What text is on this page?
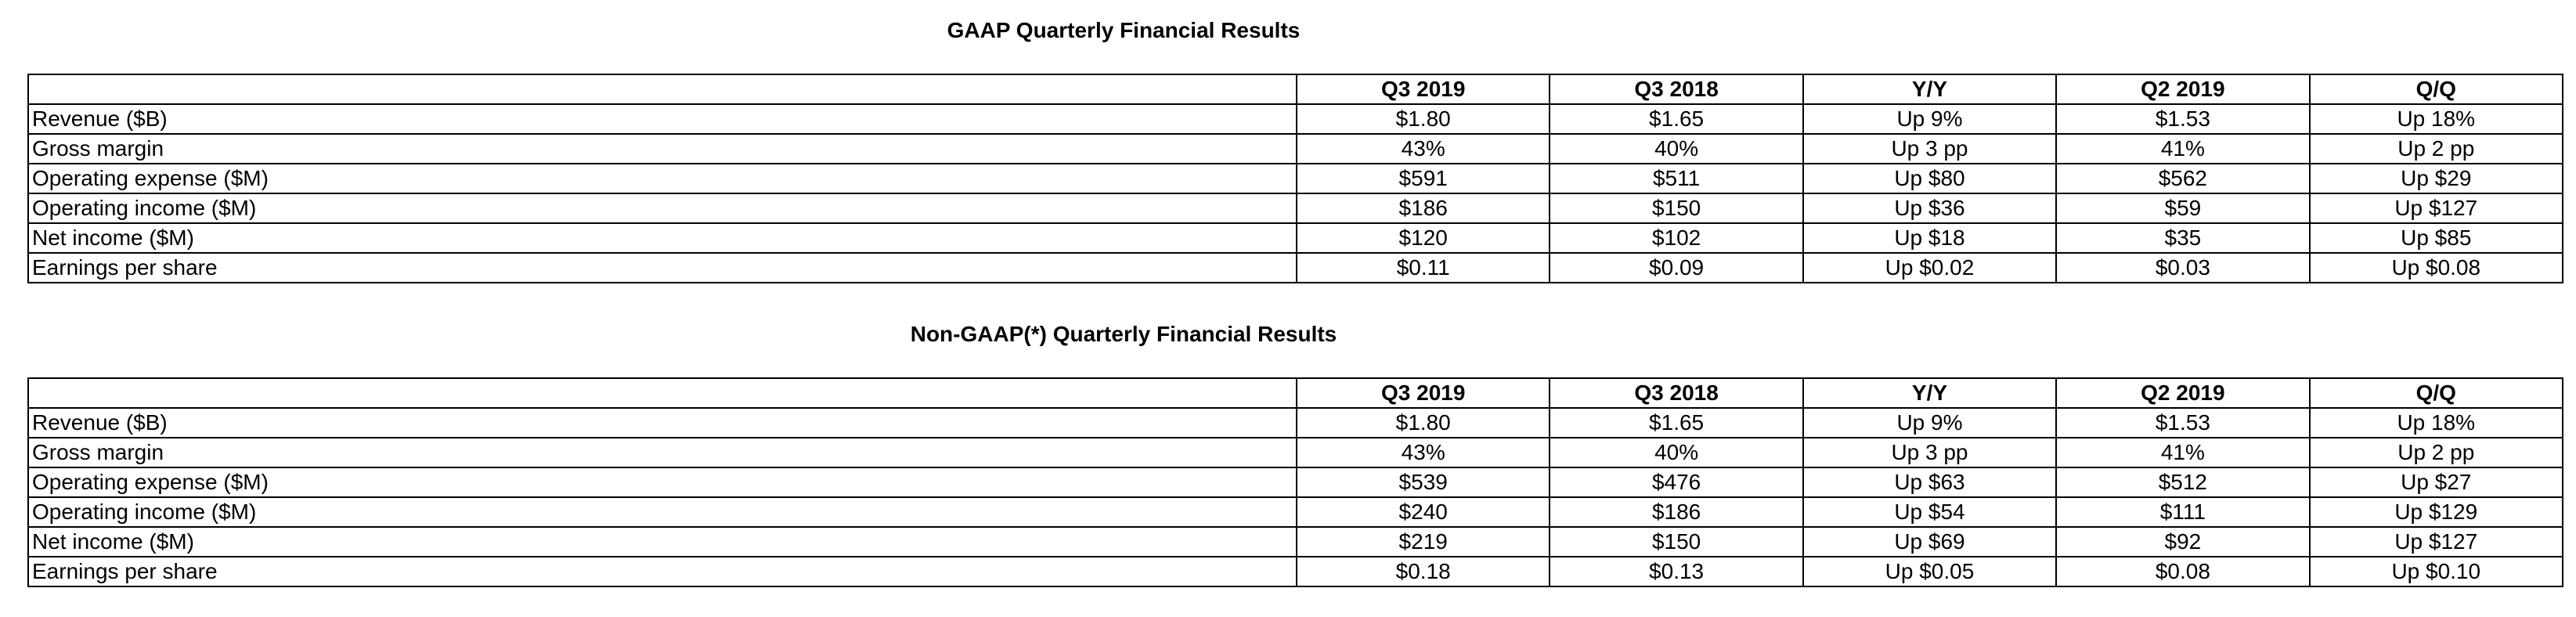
GAAP Quarterly Financial Results
	Q3 2019	Q3 2018	Y/Y	Q2 2019	Q/Q
Revenue ($B)	$1.80	$1.65	Up 9%	$1.53	Up 18%
Gross margin	43%	40%	Up 3 pp	41%	Up 2 pp
Operating expense ($M)	$591	$511	Up $80	$562	Up $29
Operating income ($M)	$186	$150	Up $36	$59	Up $127
Net income ($M)	$120	$102	Up $18	$35	Up $85
Earnings per share	$0.11	$0.09	Up $0.02	$0.03	Up $0.08
Non-GAAP(*) Quarterly Financial Results
	Q3 2019	Q3 2018	Y/Y	Q2 2019	Q/Q
Revenue ($B)	$1.80	$1.65	Up 9%	$1.53	Up 18%
Gross margin	43%	40%	Up 3 pp	41%	Up 2 pp
Operating expense ($M)	$539	$476	Up $63	$512	Up $27
Operating income ($M)	$240	$186	Up $54	$111	Up $129
Net income ($M)	$219	$150	Up $69	$92	Up $127
Earnings per share	$0.18	$0.13	Up $0.05	$0.08	Up $0.10
